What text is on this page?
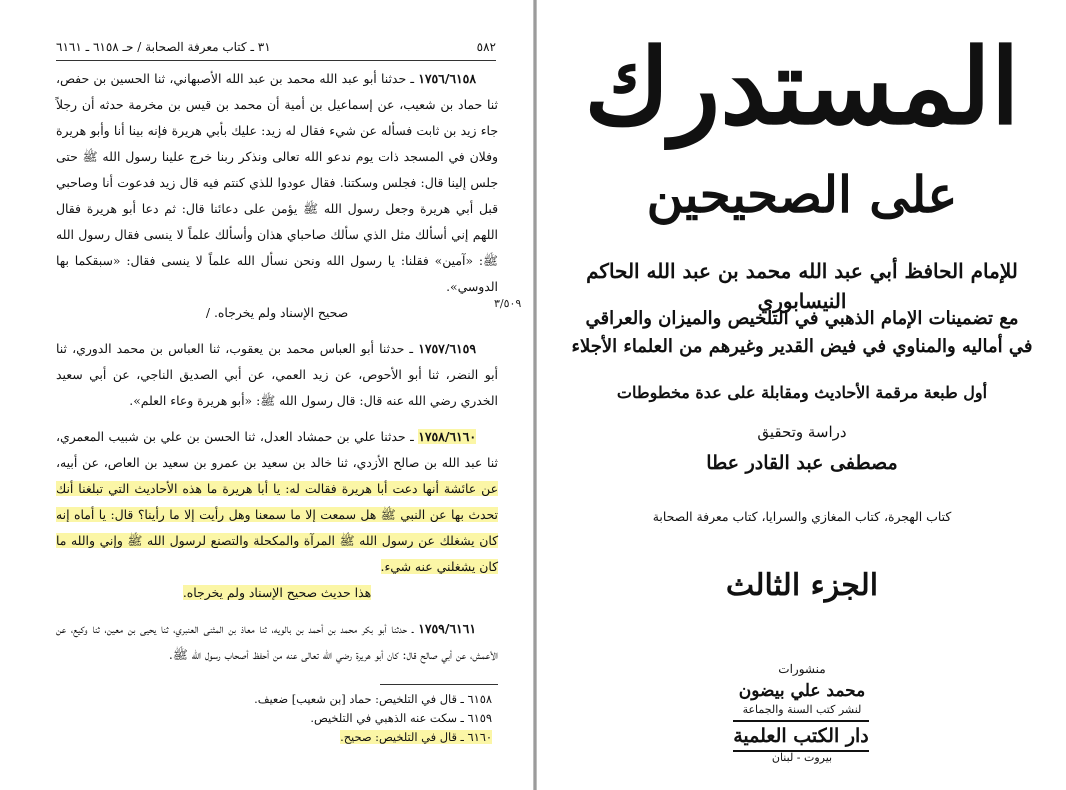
٥٨٢
٣١ ـ كتاب معرفة الصحابة / حـ ٦١٥٨ ـ ٦١٦١

١٧٥٦/٦١٥٨ ـ حدثنا أبو عبد الله محمد بن عبد الله الأصبهاني، ثنا الحسين بن حفص، ثنا حماد بن شعيب، عن إسماعيل بن أمية أن محمد بن قيس بن مخرمة حدثه أن رجلاً جاء زيد بن ثابت فسأله عن شيء فقال له زيد: عليك بأبي هريرة فإنه بينا أنا وأبو هريرة وفلان في المسجد ذات يوم ندعو الله تعالى ونذكر ربنا خرج علينا رسول الله ﷺ حتى جلس إلينا قال: فجلس وسكتنا. فقال عودوا للذي كنتم فيه قال زيد فدعوت أنا وصاحبي قبل أبي هريرة وجعل رسول الله ﷺ يؤمن على دعائنا قال: ثم دعا أبو هريرة فقال اللهم إني أسألك مثل الذي سألك صاحباي هذان وأسألك علماً لا ينسى فقال رسول الله ﷺ: «آمين» فقلنا: يا رسول الله ونحن نسأل الله علماً لا ينسى فقال: «سبقكما بها الدوسي».

صحيح الإسناد ولم يخرجاه. /

١٧٥٧/٦١٥٩ ـ حدثنا أبو العباس محمد بن يعقوب، ثنا العباس بن محمد الدوري، ثنا أبو النضر، ثنا أبو الأحوص، عن زيد العمي، عن أبي الصديق الناجي، عن أبي سعيد الخدري رضي الله عنه قال: قال رسول الله ﷺ: «أبو هريرة وعاء العلم».

١٧٥٨/٦١٦٠ ـ حدثنا علي بن حمشاد العدل، ثنا الحسن بن علي بن شبيب المعمري، ثنا عبد الله بن صالح الأزدي، ثنا خالد بن سعيد بن عمرو بن سعيد بن العاص، عن أبيه، عن عائشة أنها دعت أبا هريرة فقالت له: يا أبا هريرة ما هذه الأحاديث التي تبلغنا أنك تحدث بها عن النبي ﷺ هل سمعت إلا ما سمعنا وهل رأيت إلا ما رأينا؟ قال: يا أماه إنه كان يشغلك عن رسول الله ﷺ المرآة والمكحلة والتصنع لرسول الله ﷺ وإني والله ما كان يشغلني عنه شيء.

هذا حديث صحيح الإسناد ولم يخرجاه.

١٧٥٩/٦١٦١ ـ حدثنا أبو بكر محمد بن أحمد بن بالويه، ثنا معاذ بن المثنى العنبري، ثنا يحيى بن معين، ثنا وكيع، عن الأعمش، عن أبي صالح قال: كان أبو هريرة رضي الله تعالى عنه من أحفظ أصحاب رسول الله ﷺ.

٣/٥٠٩
٦١٥٨ ـ قال في التلخيص: حماد [بن شعيب] ضعيف.
٦١٥٩ ـ سكت عنه الذهبي في التلخيص.
٦١٦٠ ـ قال في التلخيص: صحيح.
المستدرك
على الصحيحين
للإمام الحافظ أبي عبد الله محمد بن عبد الله الحاكم النيسابوري
مع تضمينات الإمام الذهبي في التلخيص والميزان والعراقي
في أماليه والمناوي في فيض القدير وغيرهم من العلماء الأجلاء
أول طبعة مرقمة الأحاديث ومقابلة على عدة مخطوطات
دراسة وتحقيق
مصطفى عبد القادر عطا
كتاب الهجرة، كتاب المغازي والسرايا، كتاب معرفة الصحابة
الجزء الثالث
منشورات
محمد علي بيضون
لنشر كتب السنة والجماعة
دار الكتب العلمية
بيروت - لبنان
